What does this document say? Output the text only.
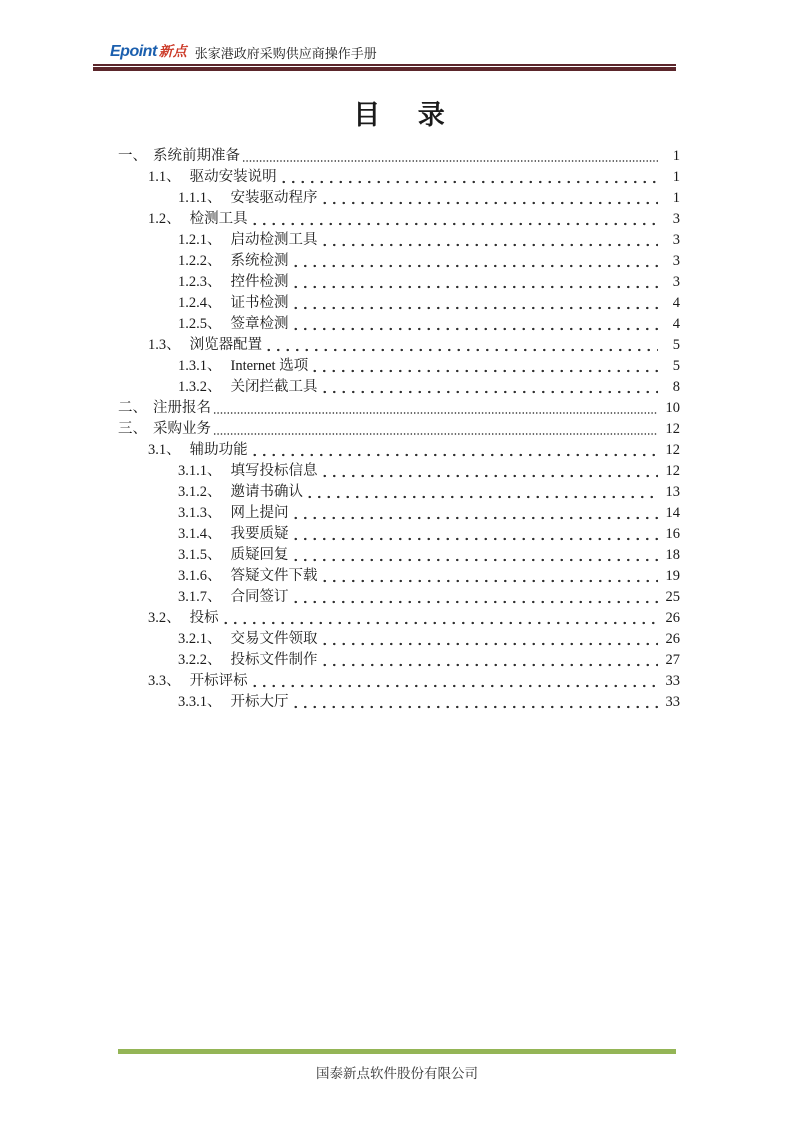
Epoint 新点 张家港政府采购供应商操作手册
目  录
一、 系统前期准备	1
1.1、 驱动安装说明	1
1.1.1、 安装驱动程序	1
1.2、 检测工具	3
1.2.1、 启动检测工具	3
1.2.2、 系统检测	3
1.2.3、 控件检测	3
1.2.4、 证书检测	4
1.2.5、 签章检测	4
1.3、 浏览器配置	5
1.3.1、 Internet 选项	5
1.3.2、 关闭拦截工具	8
二、 注册报名	10
三、 采购业务	12
3.1、 辅助功能	12
3.1.1、 填写投标信息	12
3.1.2、 邀请书确认	13
3.1.3、 网上提问	14
3.1.4、 我要质疑	16
3.1.5、 质疑回复	18
3.1.6、 答疑文件下载	19
3.1.7、 合同签订	25
3.2、 投标	26
3.2.1、 交易文件领取	26
3.2.2、 投标文件制作	27
3.3、 开标评标	33
3.3.1、 开标大厅	33
国泰新点软件股份有限公司
